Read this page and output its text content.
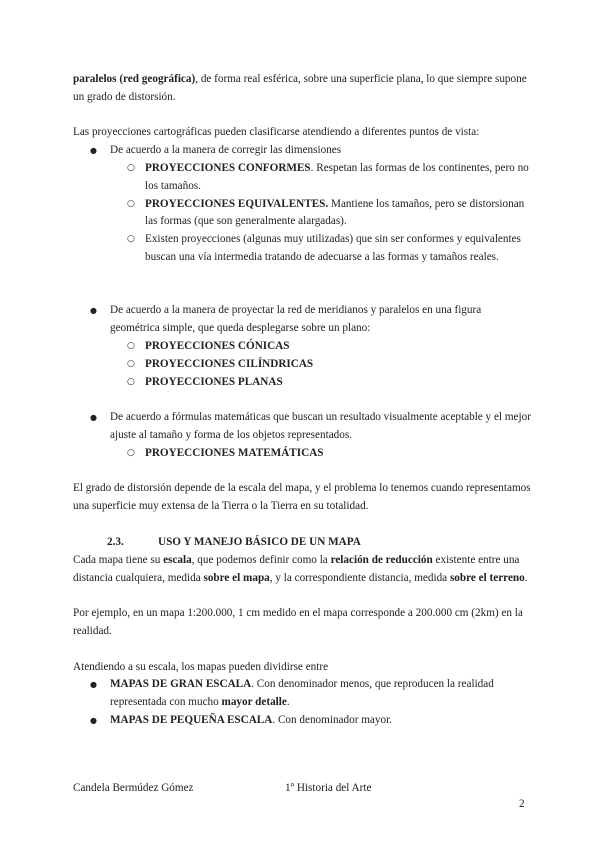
paralelos (red geográfica), de forma real esférica, sobre una superficie plana, lo que siempre supone un grado de distorsión.

Las proyecciones cartográficas pueden clasificarse atendiendo a diferentes puntos de vista:

● De acuerdo a la manera de corregir las dimensiones
○ PROYECCIONES CONFORMES. Respetan las formas de los continentes, pero no los tamaños.
○ PROYECCIONES EQUIVALENTES. Mantiene los tamaños, pero se distorsionan las formas (que son generalmente alargadas).
○ Existen proyecciones (algunas muy utilizadas) que sin ser conformes y equivalentes buscan una vía intermedia tratando de adecuarse a las formas y tamaños reales.
● De acuerdo a la manera de proyectar la red de meridianos y paralelos en una figura geométrica simple, que queda desplegarse sobre un plano:
○ PROYECCIONES CÓNICAS
○ PROYECCIONES CILÍNDRICAS
○ PROYECCIONES PLANAS
● De acuerdo a fórmulas matemáticas que buscan un resultado visualmente aceptable y el mejor ajuste al tamaño y forma de los objetos representados.
○ PROYECCIONES MATEMÁTICAS

El grado de distorsión depende de la escala del mapa, y el problema lo tenemos cuando representamos una superficie muy extensa de la Tierra o la Tierra en su totalidad.

2.3.	USO Y MANEJO BÁSICO DE UN MAPA

Cada mapa tiene su escala, que podemos definir como la relación de reducción existente entre una distancia cualquiera, medida sobre el mapa, y la correspondiente distancia, medida sobre el terreno.

Por ejemplo, en un mapa 1:200.000, 1 cm medido en el mapa corresponde a 200.000 cm (2km) en la realidad.

Atendiendo a su escala, los mapas pueden dividirse entre

● MAPAS DE GRAN ESCALA. Con denominador menos, que reproducen la realidad representada con mucho mayor detalle.
● MAPAS DE PEQUEÑA ESCALA. Con denominador mayor.
Candela Bermúdez Gómez	1º Historia del Arte
2
